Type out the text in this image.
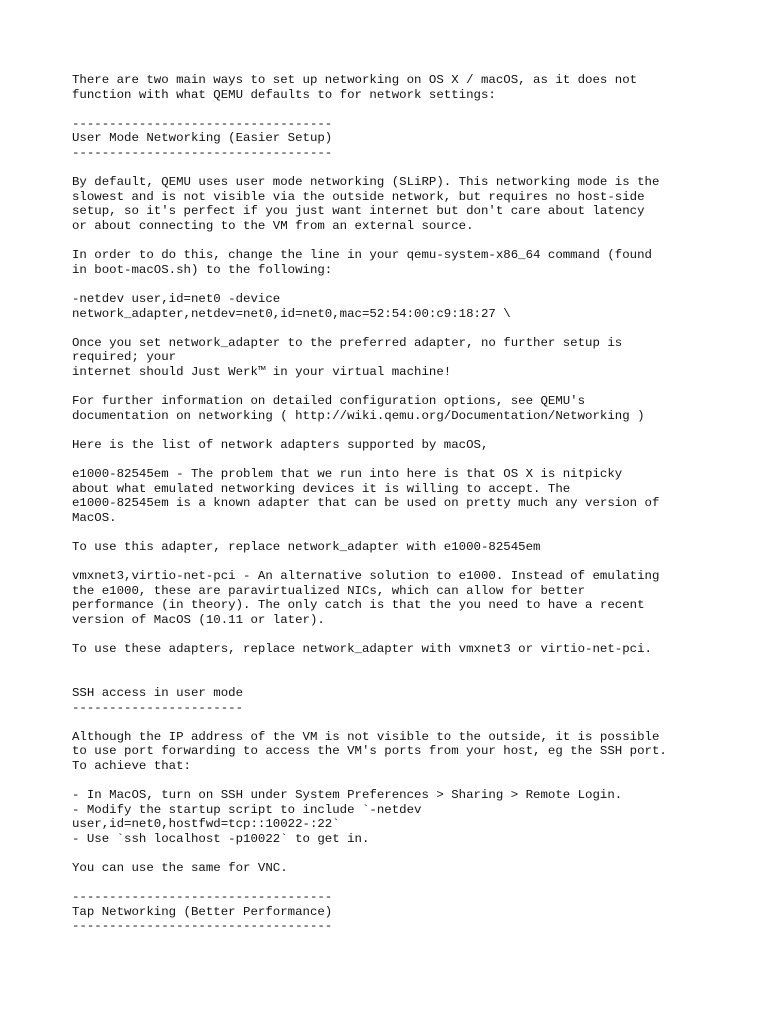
There are two main ways to set up networking on OS X / macOS, as it does not
function with what QEMU defaults to for network settings:
-----------------------------------
User Mode Networking (Easier Setup)
-----------------------------------
By default, QEMU uses user mode networking (SLiRP). This networking mode is the
slowest and is not visible via the outside network, but requires no host-side
setup, so it's perfect if you just want internet but don't care about latency
or about connecting to the VM from an external source.
In order to do this, change the line in your qemu-system-x86_64 command (found
in boot-macOS.sh) to the following:
-netdev user,id=net0 -device
network_adapter,netdev=net0,id=net0,mac=52:54:00:c9:18:27 \
Once you set network_adapter to the preferred adapter, no further setup is
required; your
internet should Just Werk™ in your virtual machine!
For further information on detailed configuration options, see QEMU's
documentation on networking ( http://wiki.qemu.org/Documentation/Networking )
Here is the list of network adapters supported by macOS,
e1000-82545em - The problem that we run into here is that OS X is nitpicky
about what emulated networking devices it is willing to accept. The
e1000-82545em is a known adapter that can be used on pretty much any version of
MacOS.
To use this adapter, replace network_adapter with e1000-82545em
vmxnet3,virtio-net-pci - An alternative solution to e1000. Instead of emulating
the e1000, these are paravirtualized NICs, which can allow for better
performance (in theory). The only catch is that the you need to have a recent
version of MacOS (10.11 or later).
To use these adapters, replace network_adapter with vmxnet3 or virtio-net-pci.
SSH access in user mode
-----------------------
Although the IP address of the VM is not visible to the outside, it is possible
to use port forwarding to access the VM's ports from your host, eg the SSH port.
To achieve that:
- In MacOS, turn on SSH under System Preferences > Sharing > Remote Login.
- Modify the startup script to include `-netdev
user,id=net0,hostfwd=tcp::10022-:22`
- Use `ssh localhost -p10022` to get in.
You can use the same for VNC.
-----------------------------------
Tap Networking (Better Performance)
-----------------------------------
